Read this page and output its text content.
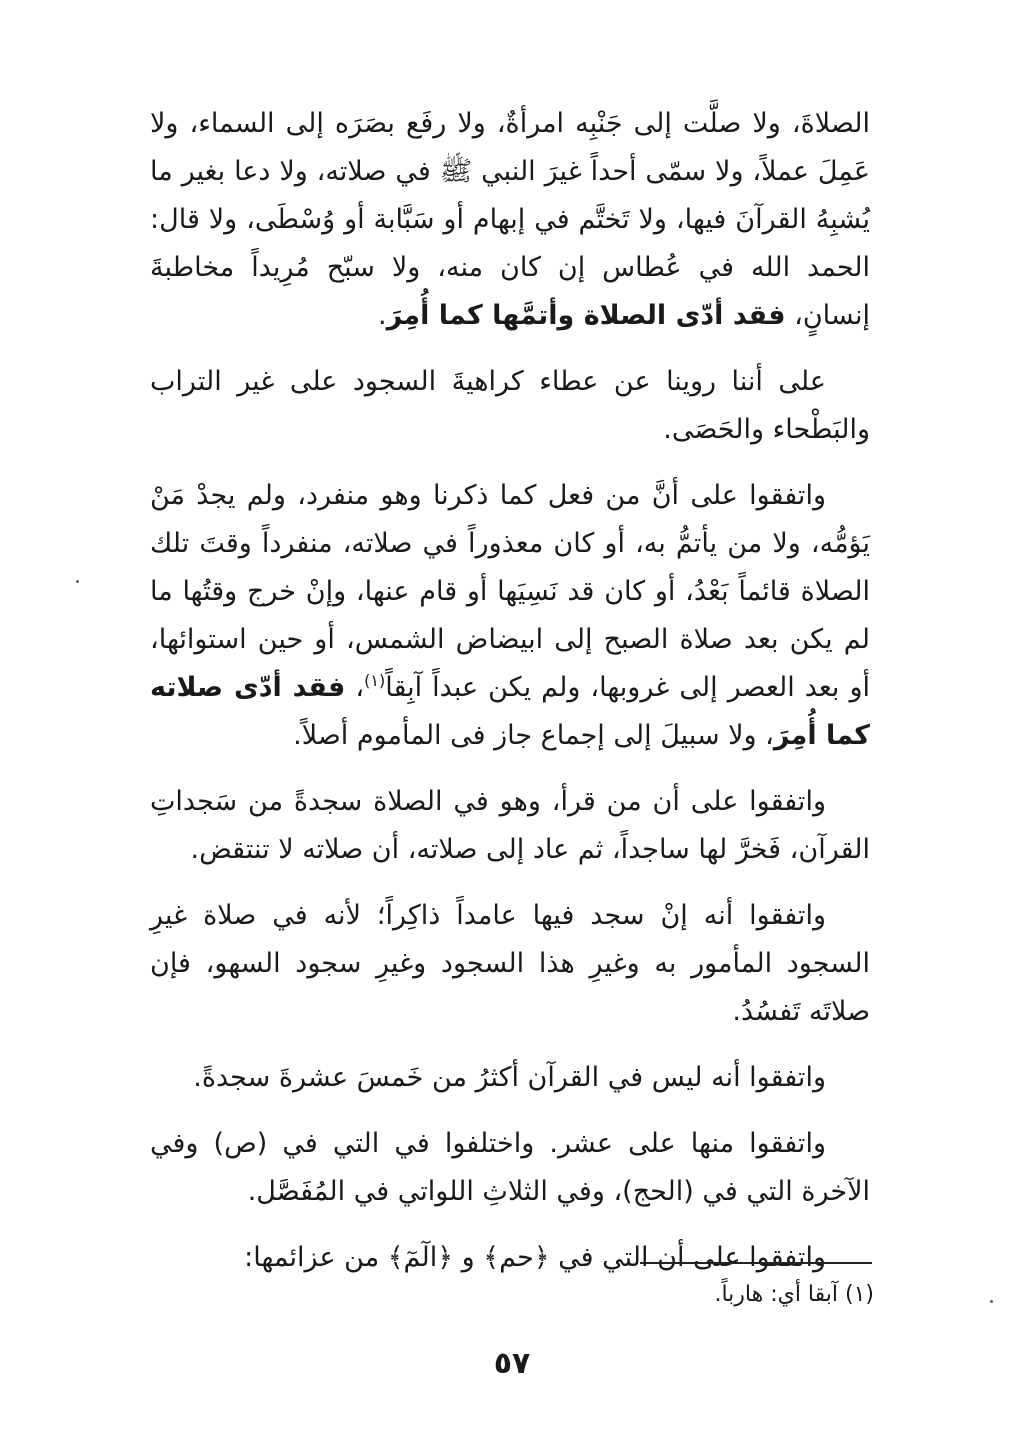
الصلاةَ، ولا صلَّت إلى جَنْبِه امرأةٌ، ولا رفَع بصَرَه إلى السماء، ولا عَمِلَ عملاً، ولا سمّى أحداً غيرَ النبي ﷺ في صلاته، ولا دعا بغير ما يُشبِهُ القرآنَ فيها، ولا تَختَّم في إبهام أو سَبَّابة أو وُسْطَى، ولا قال: الحمد الله في عُطاس إن كان منه، ولا سبّح مُرِيداً مخاطبةَ إنسانٍ، فقد أدّى الصلاة وأتمَّها كما أُمِرَ.

على أننا روينا عن عطاء كراهيةَ السجود على غير التراب والبَطْحاء والحَصَى.

واتفقوا على أنَّ من فعل كما ذكرنا وهو منفرد، ولم يجدْ مَنْ يَؤمُّه، ولا من يأتمُّ به، أو كان معذوراً في صلاته، منفرداً وقتَ تلك الصلاة قائماً بَعْدُ، أو كان قد نَسِيَها أو قام عنها، وإنْ خرج وقتُها ما لم يكن بعد صلاة الصبح إلى ابيضاض الشمس، أو حين استوائها، أو بعد العصر إلى غروبها، ولم يكن عبداً آبِقاً$^{(١)}$، فقد أدّى صلاته كما أُمِرَ، ولا سبيلَ إلى إجماع جاز فى المأموم أصلاً.

واتفقوا على أن من قرأ، وهو في الصلاة سجدةً من سَجداتِ القرآن، فَخرَّ لها ساجداً، ثم عاد إلى صلاته، أن صلاته لا تنتقض.

واتفقوا أنه إنْ سجد فيها عامداً ذاكِراً؛ لأنه في صلاة غيرِ السجود المأمور به وغيرِ هذا السجود وغيرِ سجود السهو، فإن صلاتَه تَفسُدُ.

واتفقوا أنه ليس في القرآن أكثرُ من خَمسَ عشرةَ سجدةً.

واتفقوا منها على عشر. واختلفوا في التي في (ص) وفي الآخرة التي في (الحج)، وفي الثلاثِ اللواتي في المُفَصَّل.

واتفقوا على أن التي في ﴿حم﴾ و ﴿الٓمٓ﴾ من عزائمها:

(١) آبقا أي: هارباً.
٥٧
